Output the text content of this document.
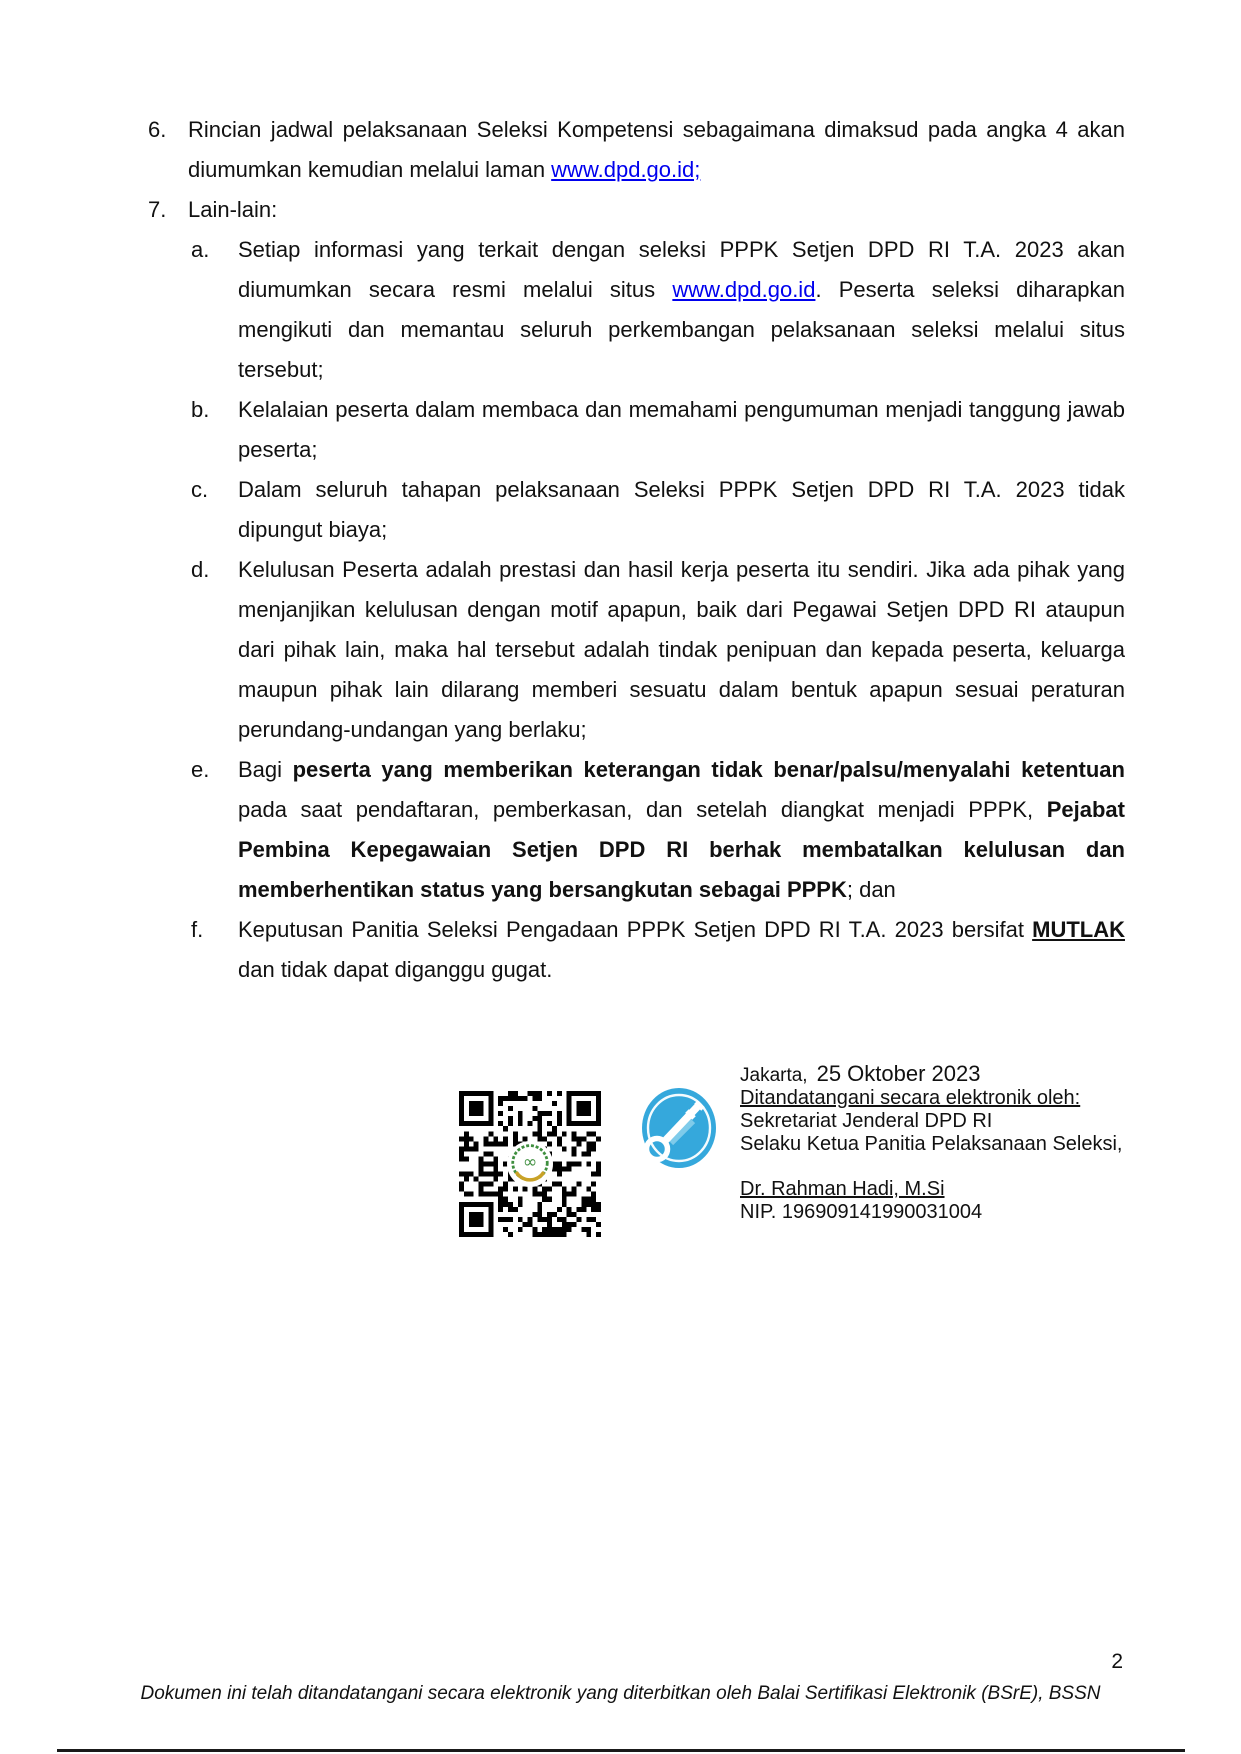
6. Rincian jadwal pelaksanaan Seleksi Kompetensi sebagaimana dimaksud pada angka 4 akan diumumkan kemudian melalui laman www.dpd.go.id;
7. Lain-lain:
a.	Setiap informasi yang terkait dengan seleksi PPPK Setjen DPD RI T.A. 2023 akan diumumkan secara resmi melalui situs www.dpd.go.id. Peserta seleksi diharapkan mengikuti dan memantau seluruh perkembangan pelaksanaan seleksi melalui situs tersebut;
b.	Kelalaian peserta dalam membaca dan memahami pengumuman menjadi tanggung jawab peserta;
c.	Dalam seluruh tahapan pelaksanaan Seleksi PPPK Setjen DPD RI T.A. 2023 tidak dipungut biaya;
d.	Kelulusan Peserta adalah prestasi dan hasil kerja peserta itu sendiri. Jika ada pihak yang menjanjikan kelulusan dengan motif apapun, baik dari Pegawai Setjen DPD RI ataupun dari pihak lain, maka hal tersebut adalah tindak penipuan dan kepada peserta, keluarga maupun pihak lain dilarang memberi sesuatu dalam bentuk apapun sesuai peraturan perundang-undangan yang berlaku;
e.	Bagi peserta yang memberikan keterangan tidak benar/palsu/menyalahi ketentuan pada saat pendaftaran, pemberkasan, dan setelah diangkat menjadi PPPK, Pejabat Pembina Kepegawaian Setjen DPD RI berhak membatalkan kelulusan dan memberhentikan status yang bersangkutan sebagai PPPK; dan
f.	Keputusan Panitia Seleksi Pengadaan PPPK Setjen DPD RI T.A. 2023 bersifat MUTLAK dan tidak dapat diganggu gugat.
∞
Jakarta, 25 Oktober 2023
Ditandatangani secara elektronik oleh:
Sekretariat Jenderal DPD RI
Selaku Ketua Panitia Pelaksanaan Seleksi,
Dr. Rahman Hadi, M.Si
NIP. 196909141990031004
2
Dokumen ini telah ditandatangani secara elektronik yang diterbitkan oleh Balai Sertifikasi Elektronik (BSrE), BSSN
